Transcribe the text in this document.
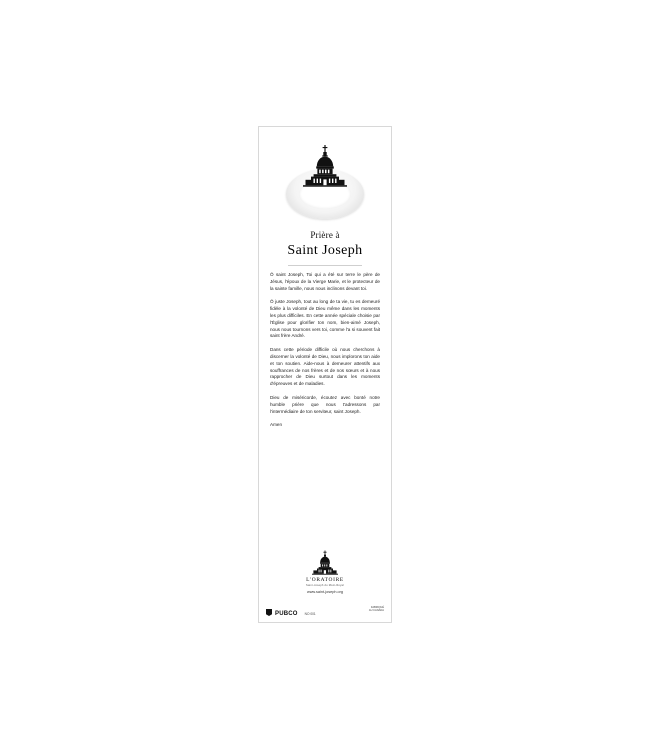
Prière à
Saint Joseph

Ô saint Joseph, Toi qui a été sur terre le père de Jésus, l'époux de la Vierge Marie, et le protecteur de la sainte famille, nous nous inclinons devant toi.

Ô juste Joseph, tout au long de ta vie, tu es demeuré fidèle à la volonté de Dieu même dans les moments les plus difficiles. En cette année spéciale choisie par l'Église pour glorifier ton nom, bien-aimé Joseph, nous nous tournons vers toi, comme l'a si souvent fait saint frère André.

Dans cette période difficile où nous cherchons à discerner la volonté de Dieu, nous implorons ton aide et ton soutien. Aide-nous à demeurer attentifs aux souffrances de nos frères et de nos sœurs et à nous rapprocher de Dieu surtout dans les moments d'épreuves et de maladies.

Dieu de miséricorde, écoutez avec bonté notre humble prière que nous t'adressons par l'intermédiaire de ton serviteur, saint Joseph.

Amen

L'ORATOIRE
Saint-Joseph du Mont-Royal
www.saint-joseph.org
PUBCO NO 001
FABRIQUÉ
AU CANADA
